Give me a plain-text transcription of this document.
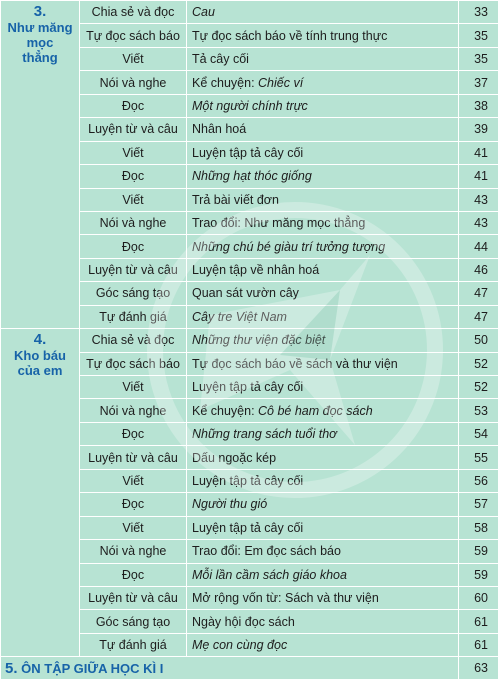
3.
Như măng
mọc
thẳng	Chia sẻ và đọc	Cau	33
	Tự đọc sách báo	Tự đọc sách báo về tính trung thực	35
	Viết	Tả cây cối	35
	Nói và nghe	Kể chuyện: Chiếc ví	37
	Đọc	Một người chính trực	38
	Luyện từ và câu	Nhân hoá	39
	Viết	Luyện tập tả cây cối	41
	Đọc	Những hạt thóc giống	41
	Viết	Trả bài viết đơn	43
	Nói và nghe	Trao đổi: Như măng mọc thẳng	43
	Đọc	Những chú bé giàu trí tưởng tượng	44
	Luyện từ và câu	Luyện tập về nhân hoá	46
	Góc sáng tạo	Quan sát vườn cây	47
	Tự đánh giá	Cây tre Việt Nam	47

4.
Kho báu
của em	Chia sẻ và đọc	Những thư viện đặc biệt	50
	Tự đọc sách báo	Tự đọc sách báo về sách và thư viện	52
	Viết	Luyện tập tả cây cối	52
	Nói và nghe	Kể chuyện: Cô bé ham đọc sách	53
	Đọc	Những trang sách tuổi thơ	54
	Luyện từ và câu	Dấu ngoặc kép	55
	Viết	Luyện tập tả cây cối	56
	Đọc	Người thu gió	57
	Viết	Luyện tập tả cây cối	58
	Nói và nghe	Trao đổi: Em đọc sách báo	59
	Đọc	Mỗi lần cầm sách giáo khoa	59
	Luyện từ và câu	Mở rộng vốn từ: Sách và thư viện	60
	Góc sáng tạo	Ngày hội đọc sách	61
	Tự đánh giá	Mẹ con cùng đọc	61
5. ÔN TẬP GIỮA HỌC KÌ I			63
